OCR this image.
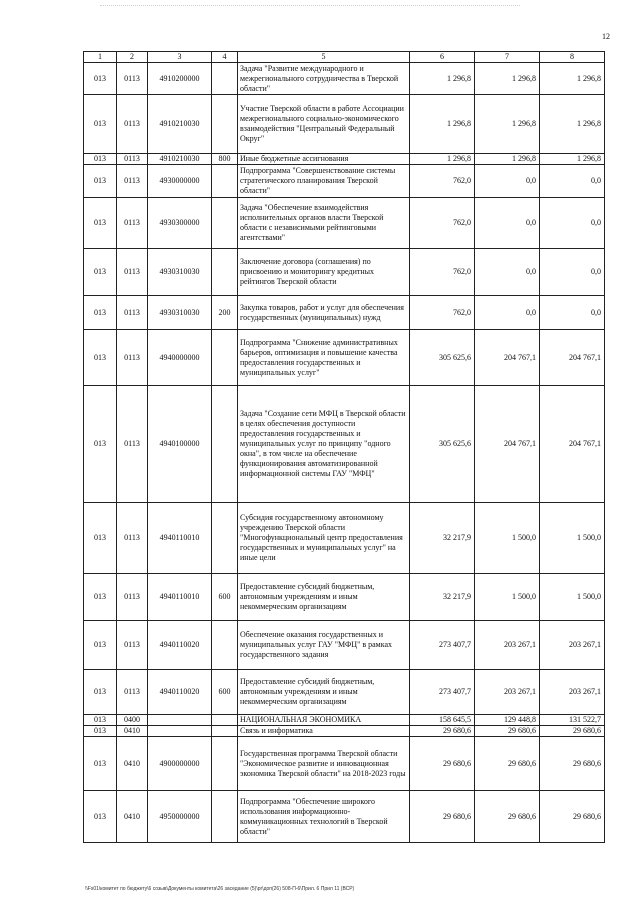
12
1	2	3	4	5	6	7	8
013	0113	4910200000		Задача "Развитие международного и межрегионального сотрудничества в Тверской области"	1 296,8	1 296,8	1 296,8
013	0113	4910210030		Участие Тверской области в работе Ассоциации межрегионального социально-экономического взаимодействия "Центральный Федеральный Округ"	1 296,8	1 296,8	1 296,8
013	0113	4910210030	800	Иные бюджетные ассигнования	1 296,8	1 296,8	1 296,8
013	0113	4930000000		Подпрограмма "Совершенствование системы стратегического планирования Тверской области"	762,0	0,0	0,0
013	0113	4930300000		Задача "Обеспечение взаимодействия исполнительных органов власти Тверской области с независимыми рейтинговыми агентствами"	762,0	0,0	0,0
013	0113	4930310030		Заключение договора (соглашения) по присвоению и мониторингу кредитных рейтингов Тверской области	762,0	0,0	0,0
013	0113	4930310030	200	Закупка товаров, работ и услуг для обеспечения государственных (муниципальных) нужд	762,0	0,0	0,0
013	0113	4940000000		Подпрограмма "Снижение административных барьеров, оптимизация и повышение качества предоставления государственных и муниципальных услуг"	305 625,6	204 767,1	204 767,1
013	0113	4940100000		Задача "Создание сети МФЦ в Тверской области в целях обеспечения доступности предоставления государственных и муниципальных услуг по принципу "одного окна", в том числе на обеспечение функционирования автоматизированной информационной системы ГАУ "МФЦ"	305 625,6	204 767,1	204 767,1
013	0113	4940110010		Субсидия государственному автономному учреждению Тверской области "Многофункциональный центр предоставления государственных и муниципальных услуг" на иные цели	32 217,9	1 500,0	1 500,0
013	0113	4940110010	600	Предоставление субсидий бюджетным, автономным учреждениям и иным некоммерческим организациям	32 217,9	1 500,0	1 500,0
013	0113	4940110020		Обеспечение оказания государственных и муниципальных услуг ГАУ "МФЦ" в рамках государственного задания	273 407,7	203 267,1	203 267,1
013	0113	4940110020	600	Предоставление субсидий бюджетным, автономным учреждениям и иным некоммерческим организациям	273 407,7	203 267,1	203 267,1
013	0400			НАЦИОНАЛЬНАЯ ЭКОНОМИКА	158 645,5	129 448,8	131 522,7
013	0410			Связь и информатика	29 680,6	29 680,6	29 680,6
013	0410	4900000000		Государственная программа Тверской области "Экономическое развитие и инновационная экономика Тверской области" на 2018-2023 годы	29 680,6	29 680,6	29 680,6
013	0410	4950000000		Подпрограмма "Обеспечение широкого использования информационно-коммуникационных технологий в Тверской области"	29 680,6	29 680,6	29 680,6
\\Fs01\комитет по бюджету\6 созыв\Документы комитета\26 заседание (5)\pr\доп(26) 508-П-6\Прил. 6 Прил 11 (ВСР)
